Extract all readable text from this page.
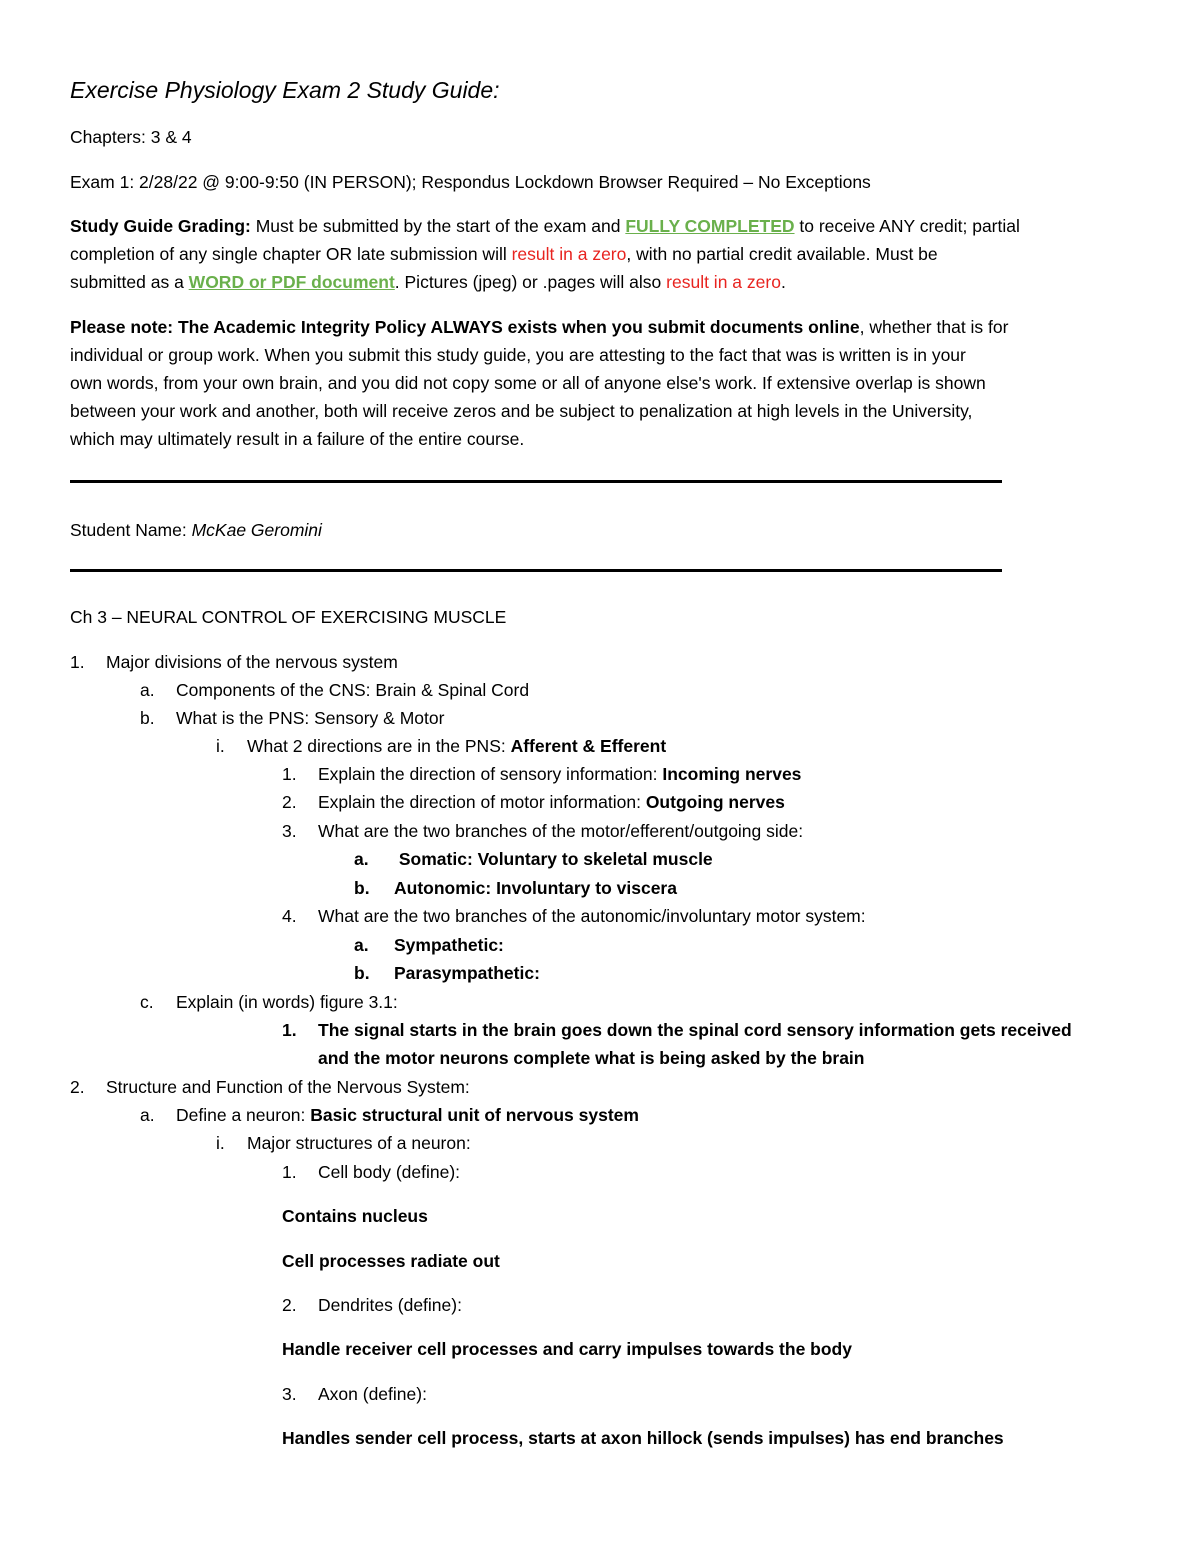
Exercise Physiology Exam 2 Study Guide:
Chapters: 3 & 4
Exam 1: 2/28/22 @ 9:00-9:50 (IN PERSON); Respondus Lockdown Browser Required – No Exceptions
Study Guide Grading: Must be submitted by the start of the exam and FULLY COMPLETED to receive ANY credit; partial
completion of any single chapter OR late submission will result in a zero, with no partial credit available. Must be
submitted as a WORD or PDF document. Pictures (jpeg) or .pages will also result in a zero.
Please note: The Academic Integrity Policy ALWAYS exists when you submit documents online, whether that is for
individual or group work. When you submit this study guide, you are attesting to the fact that was is written is in your
own words, from your own brain, and you did not copy some or all of anyone else's work. If extensive overlap is shown
between your work and another, both will receive zeros and be subject to penalization at high levels in the University,
which may ultimately result in a failure of the entire course.
Student Name: McKae Geromini
Ch 3 – NEURAL CONTROL OF EXERCISING MUSCLE
1. Major divisions of the nervous system
a. Components of the CNS: Brain & Spinal Cord
b. What is the PNS: Sensory & Motor
i. What 2 directions are in the PNS: Afferent & Efferent
1. Explain the direction of sensory information: Incoming nerves
2. Explain the direction of motor information: Outgoing nerves
3. What are the two branches of the motor/efferent/outgoing side:
a. Somatic: Voluntary to skeletal muscle
b. Autonomic: Involuntary to viscera
4. What are the two branches of the autonomic/involuntary motor system:
a. Sympathetic:
b. Parasympathetic:
c. Explain (in words) figure 3.1:
1. The signal starts in the brain goes down the spinal cord sensory information gets received
and the motor neurons complete what is being asked by the brain
2. Structure and Function of the Nervous System:
a. Define a neuron: Basic structural unit of nervous system
i. Major structures of a neuron:
1. Cell body (define):
Contains nucleus
Cell processes radiate out
2. Dendrites (define):
Handle receiver cell processes and carry impulses towards the body
3. Axon (define):
Handles sender cell process, starts at axon hillock (sends impulses) has end branches
